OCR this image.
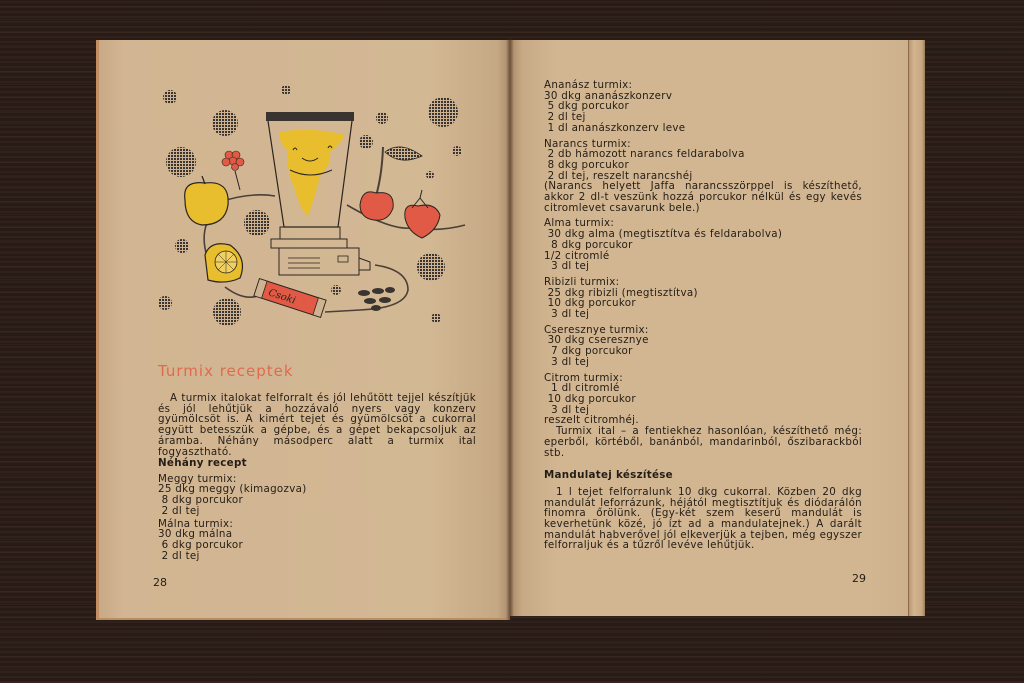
Csoki
Turmix receptek

A turmix italokat felforralt és jól lehűtött tejjel készítjük és jól lehűtjük a hozzávaló nyers vagy konzerv gyümölcsöt is. A kimért tejet és gyümölcsöt a cukorral együtt betesszük a gépbe, és a gépet bekapcsoljuk az áramba. Néhány másodperc alatt a turmix ital fogyasztható.

Néhány recept
Meggy turmix:
25 dkg meggy (kimagozva)
8 dkg porcukor
2 dl tej
Málna turmix:
30 dkg málna
6 dkg porcukor
2 dl tej
28
Ananász turmix:
30 dkg ananászkonzerv
5 dkg porcukor
2 dl tej
1 dl ananászkonzerv leve
Narancs turmix:
2 db hámozott narancs feldarabolva
8 dkg porcukor
2 dl tej, reszelt narancshéj
(Narancs helyett Jaffa narancsszörppel is készíthető, akkor 2 dl-t veszünk hozzá porcukor nélkül és egy kevés citromlevet csavarunk bele.)
Alma turmix:
30 dkg alma (megtisztítva és feldarabolva)
8 dkg porcukor
1/2 citromlé
3 dl tej
Ribizli turmix:
25 dkg ribizli (megtisztítva)
10 dkg porcukor
3 dl tej
Cseresznye turmix:
30 dkg cseresznye
7 dkg porcukor
3 dl tej
Citrom turmix:
1 dl citromlé
10 dkg porcukor
3 dl tej
reszelt citromhéj.
Turmix ital – a fentiekhez hasonlóan, készíthető még: eperből, körtéből, banánból, mandarinból, őszibarackból stb.
Mandulatej készítése
1 l tejet felforralunk 10 dkg cukorral. Közben 20 dkg mandulát leforrázunk, héjától megtisztítjuk és diódarálón finomra őrölünk. (Egy-két szem keserű mandulát is keverhetünk közé, jó ízt ad a mandulatejnek.) A darált mandulát habverővel jól elkeverjük a tejben, még egyszer felforraljuk és a tűzről levéve lehűtjük.
29
